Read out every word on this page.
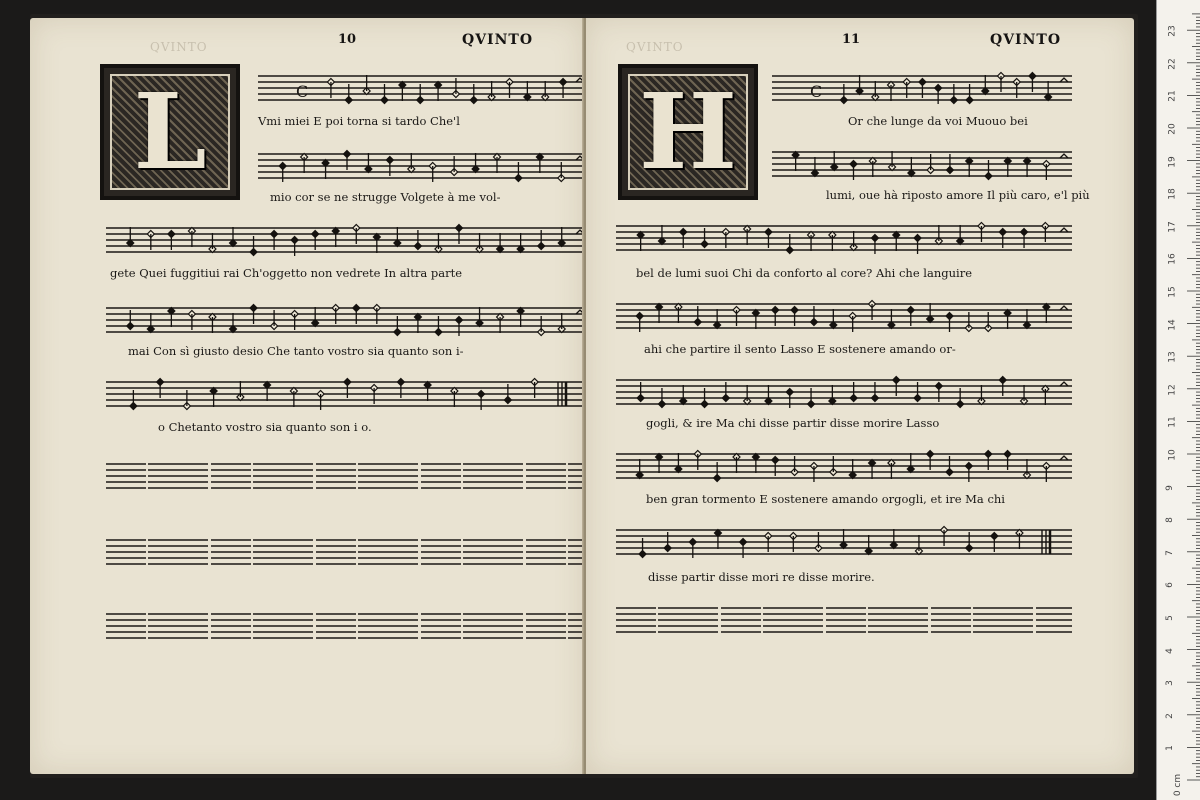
QVINTO	10	QVINTO
L	C
Vmi miei E poi torna si tardo Che'l
mio cor se ne strugge Volgete à me vol-
gete Quei fuggitiui rai Ch'oggetto non vedrete In altra parte
mai Con sì giusto desio Che tanto vostro sia quanto son i-
o Chetanto vostro sia quanto son i o.
QVINTO	11	QVINTO
H	C
Or che lunge da voi Muouo bei
lumi, oue hà riposto amore Il più caro, e'l più
bel de lumi suoi Chi da conforto al core? Ahi che languire
ahi che partire il sento Lasso E sostenere amando or-
gogli, & ire Ma chi disse partir disse morire Lasso
ben gran tormento E sostenere amando orgogli, et ire Ma chi
disse partir disse mori re disse morire.
0 cm
1
2
3
4
5
6
7
8
9
10
11
12
13
14
15
16
17
18
19
20
21
22
23
